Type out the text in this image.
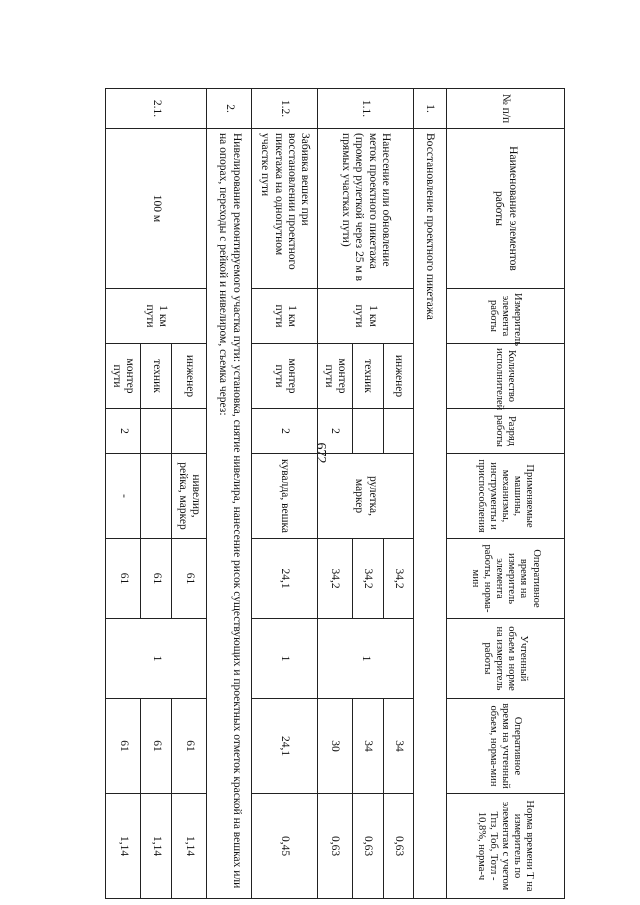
672
№ п/п	Наименование элементов работы	Измеритель элемента работы	Количество исполнителей	Разряд работы	Применяемые машины, механизмы, инструменты и приспособления	Оперативное время на измеритель элемента работы, норма-мин	Учтенный объем в норме на измеритель работы	Оперативное время на учтенный объем, норма-мин	Норма времени Т на измеритель по элементам с учетом Тпз, Тоб, Тотл - 10,8%, норма-ч
1.	Восстановление проектного пикетажа								
1.1.	Нанесение или обновление меток проектного пикетажа (промер рулеткой через 25 м в прямых участках пути)	1 км пути	инженер		рулетка, маркер	34,2	1	34	0,63
			техник			34,2		34	0,63
			монтер пути	2		34,2		30	0,63
1.2.	Забивка вешек при восстановлении проектного пикетажа на однопутном участке пути	1 км пути	монтер пути	2	кувалда, вешка	24,1	1	24,1	0,45
2.	Нивелирование ремонтируемого участка пути: установка, снятие нивелира, нанесение рисок существующих и проектных отметок краской на вешках или на опорах, переходы с рейкой и нивелиром, съемка через:								
2.1.	100 м	1 км пути	инженер		нивелир, рейка, маркер	61	1	61	1,14
			техник			61		61	1,14
			монтер пути	2	-	61		61	1,14
